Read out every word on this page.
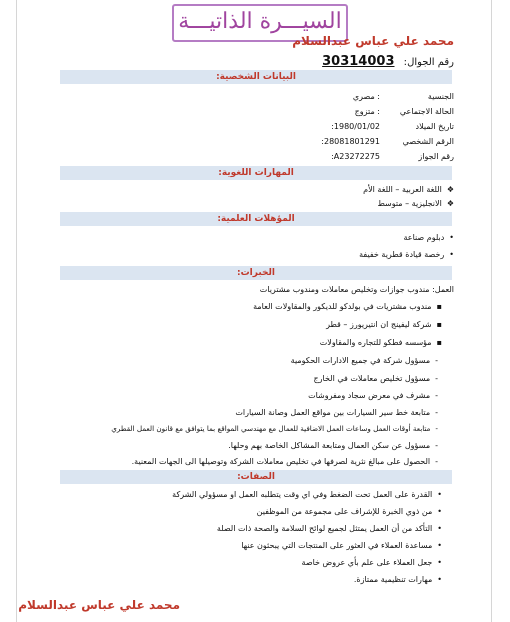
السيـــرة الذاتيـــة
محمد علي عباس عبدالسلام
رقم الجوال: 30314003
البيانات الشخصية:
الجنسية
: مصري
الحالة الاجتماعي
: متزوج
تاريخ الميلاد
1980/01/02:
الرقم الشخصي
28081801291:
رقم الجواز
A23272275:
المهارات اللغوية:
❖اللغة العربية – اللغة الأم
❖الانجليزية – متوسط
المؤهلات العلمية:
•دبلوم صناعة
•رخصة قيادة قطرية خفيفة
الخبرات:
العمل: مندوب جوازات وتخليص معاملات ومندوب مشتريات
▪مندوب مشتريات في بولدكو للديكور والمقاولات العامة
▪شركة ليفينج ان انتيريورز – قطر
▪مؤسسه فطكو للتجاره والمقاولات
-مسؤول شركة في جميع الادارات الحكومية
-مسؤول تخليص معاملات في الخارج
-مشرف في معرض سجاد ومفروشات
-متابعة خط سير السيارات بين مواقع العمل وصانة السيارات
-متابعة أوقات العمل وساعات العمل الاضافية للعمال مع مهندسي المواقع بما يتوافق مع قانون العمل القطري
-مسؤول عن سكن العمال ومتابعة المشاكل الخاصة بهم وحلها.
-الحصول على مبالغ نثرية لصرفها في تخليص معاملات الشركة وتوصيلها الى الجهات المعنية.
الصفات:
•القدرة على العمل تحت الضغط وفي اي وقت يتطلبه العمل او مسؤولي الشركة
•من ذوي الخبرة للإشراف على مجموعة من الموظفين
•التأكد من أن العمل يمتثل لجميع لوائح السلامة والصحة ذات الصلة
•مساعدة العملاء في العثور على المنتجات التي يبحثون عنها
•جعل العملاء على علم بأي عروض خاصة
•مهارات تنظيمية ممتازة.
محمد علي عباس عبدالسلام
